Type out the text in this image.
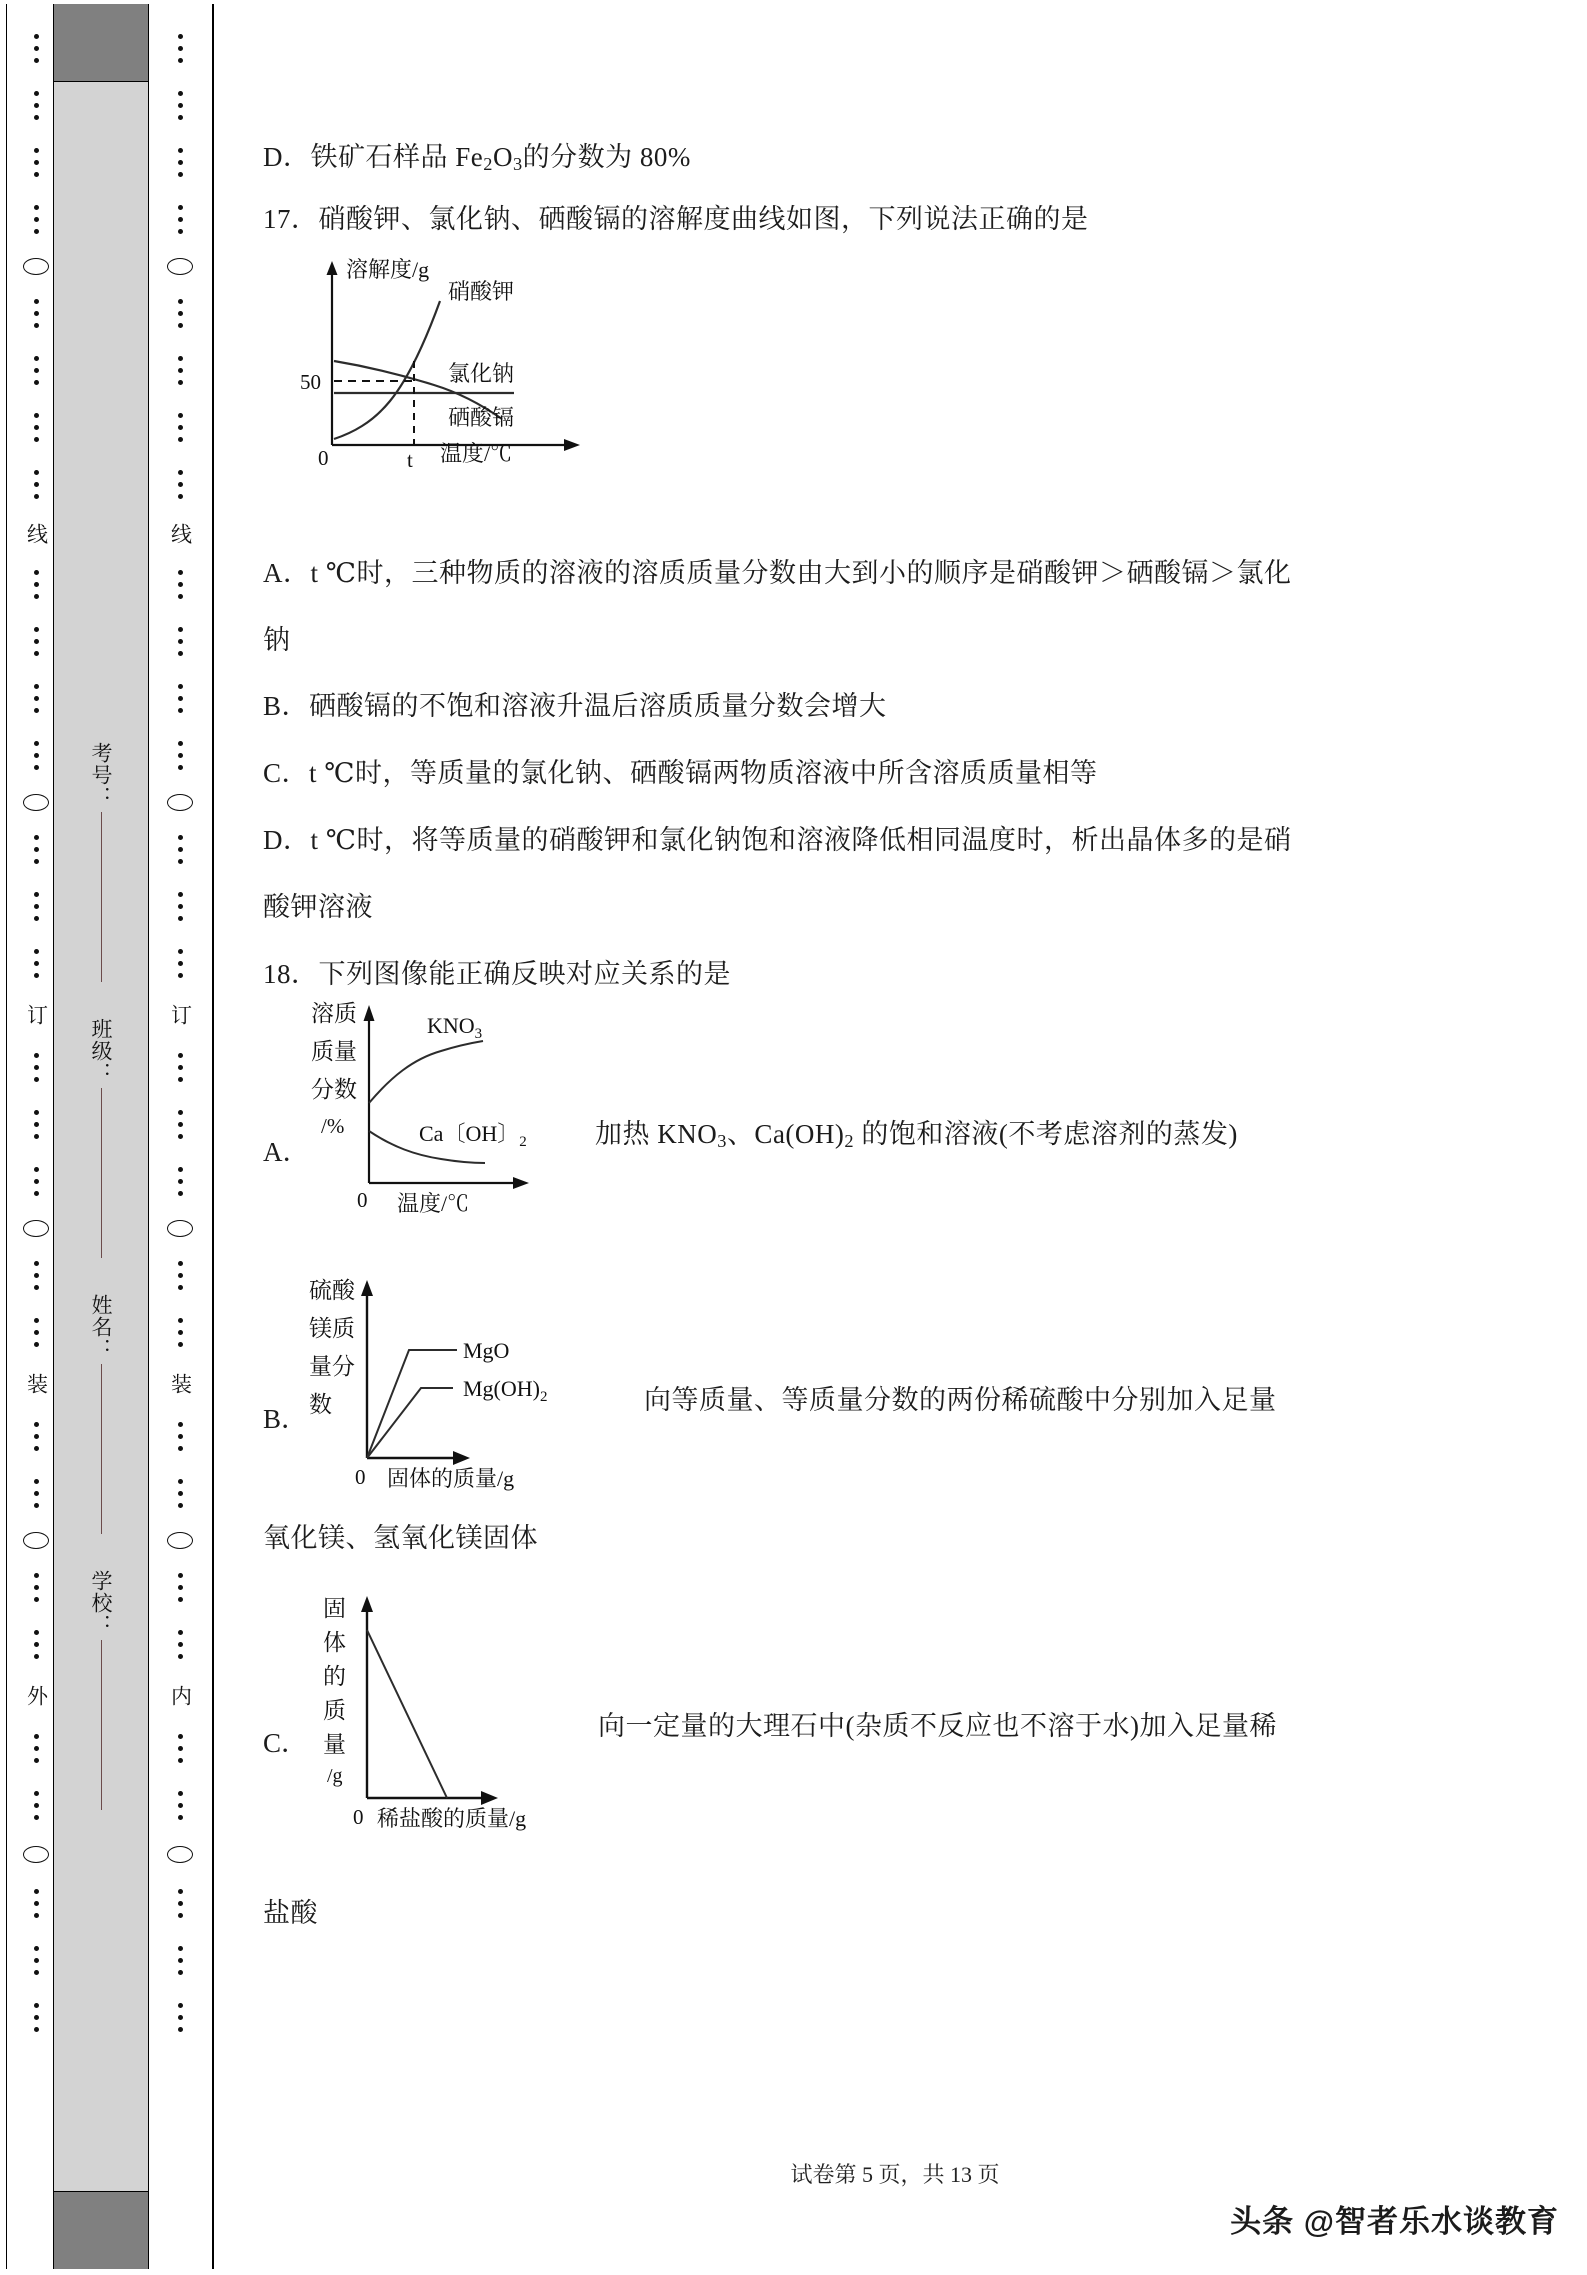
线
订
装
外
考号：
班级：
姓名：
学校：
线
订
装
内
D．铁矿石样品 $Fe_2O_3$的分数为 80%
17．硝酸钾、氯化钠、硒酸镉的溶解度曲线如图，下列说法正确的是
溶解度/g
温度/℃
50
0	t
硝酸钾
氯化钠
硒酸镉
A．t ℃时，三种物质的溶液的溶质质量分数由大到小的顺序是硝酸钾＞硒酸镉＞氯化
钠
B．硒酸镉的不饱和溶液升温后溶质质量分数会增大
C．t ℃时，等质量的氯化钠、硒酸镉两物质溶液中所含溶质质量相等
D．t ℃时，将等质量的硝酸钾和氯化钠饱和溶液降低相同温度时，析出晶体多的是硝
酸钾溶液
18．下列图像能正确反映对应关系的是
A．
溶质
质量
分数
/%
$KNO_3$
Ca〔OH〕$_2$
0 温度/℃
加热 $KNO_3$、$Ca(OH)_2$ 的饱和溶液(不考虑溶剂的蒸发)
B．
硫酸
镁质
量分
数
MgO
$Mg(OH)_2$
0 固体的质量/g
向等质量、等质量分数的两份稀硫酸中分别加入足量
氧化镁、氢氧化镁固体
C．
固
体
的
质
量
/g
0 稀盐酸的质量/g
向一定量的大理石中(杂质不反应也不溶于水)加入足量稀
盐酸
试卷第 5 页，共 13 页
头条 @智者乐水谈教育
